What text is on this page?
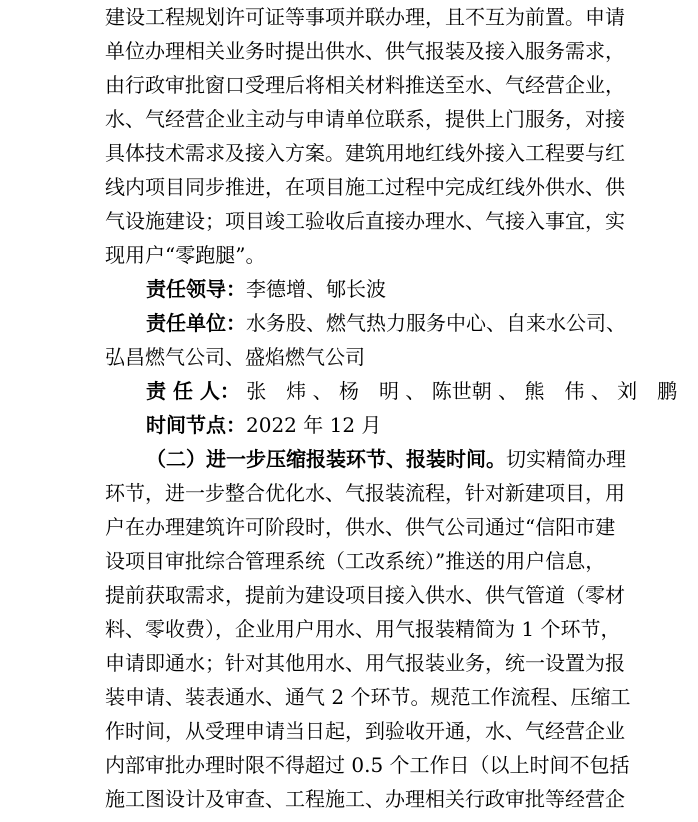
建设工程规划许可证等事项并联办理，且不互为前置。申请
单位办理相关业务时提出供水、供气报装及接入服务需求，
由行政审批窗口受理后将相关材料推送至水、气经营企业，
水、气经营企业主动与申请单位联系，提供上门服务，对接
具体技术需求及接入方案。建筑用地红线外接入工程要与红
线内项目同步推进，在项目施工过程中完成红线外供水、供
气设施建设；项目竣工验收后直接办理水、气接入事宜，实
现用户“零跑腿”。
责任领导：李德增、郇长波
责任单位：水务股、燃气热力服务中心、自来水公司、
弘昌燃气公司、盛焰燃气公司
责 任 人： 张　炜 、 杨　明 、 陈世朝 、 熊　伟 、 刘　鹏
时间节点：2022 年 12 月
（二）进一步压缩报装环节、报装时间。切实精简办理
环节，进一步整合优化水、气报装流程，针对新建项目，用
户在办理建筑许可阶段时，供水、供气公司通过“信阳市建
设项目审批综合管理系统（工改系统）”推送的用户信息，
提前获取需求，提前为建设项目接入供水、供气管道（零材
料、零收费），企业用户用水、用气报装精简为 1 个环节，
申请即通水；针对其他用水、用气报装业务，统一设置为报
装申请、装表通水、通气 2 个环节。规范工作流程、压缩工
作时间，从受理申请当日起，到验收开通，水、气经营企业
内部审批办理时限不得超过 0.5 个工作日（以上时间不包括
施工图设计及审查、工程施工、办理相关行政审批等经营企
